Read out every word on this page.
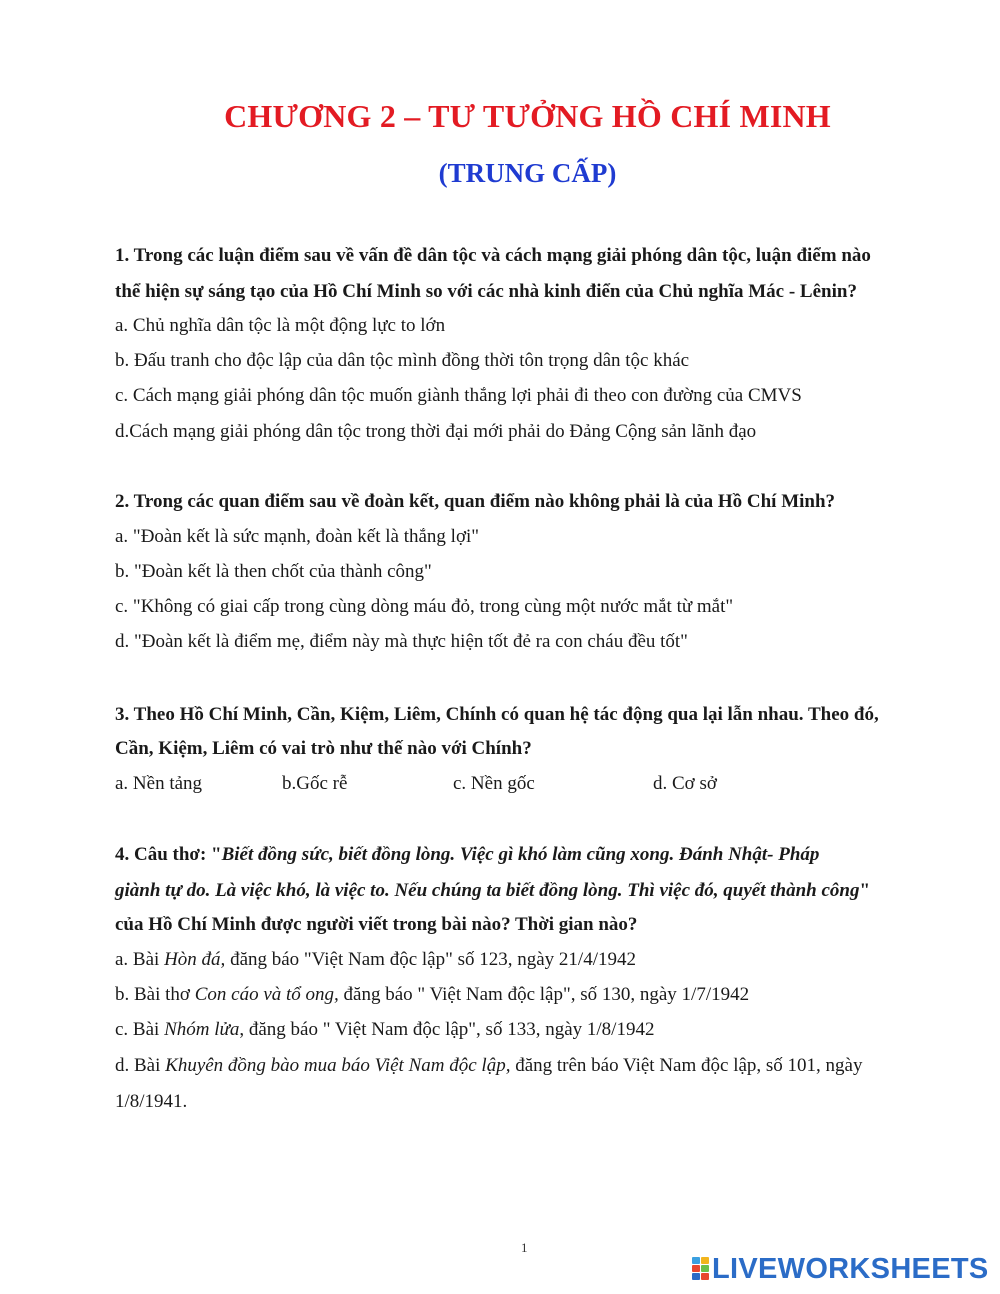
CHƯƠNG 2 – TƯ TƯỞNG HỒ CHÍ MINH
(TRUNG CẤP)
1. Trong các luận điểm sau về vấn đề dân tộc và cách mạng giải phóng dân tộc, luận điểm nào
thể hiện sự sáng tạo của Hồ Chí Minh so với các nhà kinh điển của Chủ nghĩa Mác - Lênin?
a. Chủ nghĩa dân tộc là một động lực to lớn
b. Đấu tranh cho độc lập của dân tộc mình đồng thời tôn trọng dân tộc khác
c. Cách mạng giải phóng dân tộc muốn giành thắng lợi phải đi theo con đường của CMVS
d.Cách mạng giải phóng dân tộc trong thời đại mới phải do Đảng Cộng sản lãnh đạo
2. Trong các quan điểm sau về đoàn kết, quan điểm nào không phải là của Hồ Chí Minh?
a. "Đoàn kết là sức mạnh, đoàn kết là thắng lợi"
b. "Đoàn kết là then chốt của thành công"
c. "Không có giai cấp trong cùng dòng máu đỏ, trong cùng một nước mắt từ mắt"
d. "Đoàn kết là điểm mẹ, điểm này mà thực hiện tốt đẻ ra con cháu đều tốt"
3. Theo Hồ Chí Minh, Cần, Kiệm, Liêm, Chính có quan hệ tác động qua lại lẫn nhau. Theo đó,
Cần, Kiệm, Liêm có vai trò như thế nào với Chính?
a. Nền tảng	b.Gốc rễ	c. Nền gốc	d. Cơ sở
4. Câu thơ: "Biết đồng sức, biết đồng lòng. Việc gì khó làm cũng xong. Đánh Nhật- Pháp
giành tự do. Là việc khó, là việc to. Nếu chúng ta biết đồng lòng. Thì việc đó, quyết thành công"
của Hồ Chí Minh được người viết trong bài nào? Thời gian nào?
a. Bài Hòn đá, đăng báo "Việt Nam độc lập" số 123, ngày 21/4/1942
b. Bài thơ Con cáo và tổ ong, đăng báo " Việt Nam độc lập", số 130, ngày 1/7/1942
c. Bài Nhóm lửa, đăng báo " Việt Nam độc lập", số 133, ngày 1/8/1942
d. Bài Khuyên đồng bào mua báo Việt Nam độc lập, đăng trên báo Việt Nam độc lập, số 101, ngày
1/8/1941.
1
LIVEWORKSHEETS
